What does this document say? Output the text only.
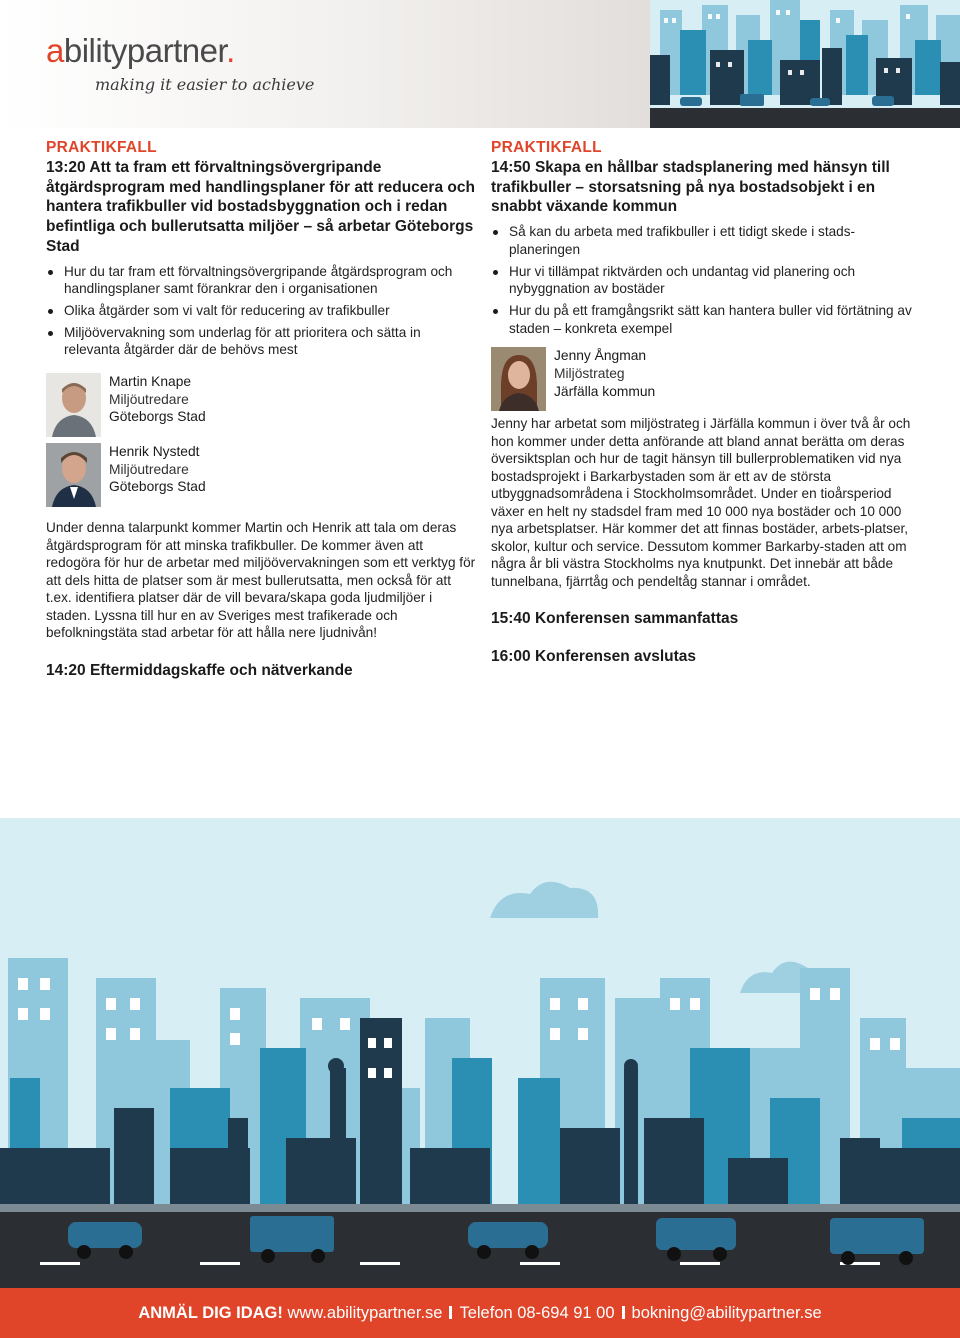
abilitypartner.
making it easier to achieve
PRAKTIKFALL
13:20 Att ta fram ett förvaltningsövergripande åtgärdsprogram med handlingsplaner för att reducera och hantera trafikbuller vid bostadsbyggnation och i redan befintliga och bullerutsatta miljöer – så arbetar Göteborgs Stad
Hur du tar fram ett förvaltningsövergripande åtgärdsprogram och handlingsplaner samt förankrar den i organisationen
Olika åtgärder som vi valt för reducering av trafikbuller
Miljöövervakning som underlag för att prioritera och sätta in relevanta åtgärder där de behövs mest
Martin Knape
Miljöutredare
Göteborgs Stad
Henrik Nystedt
Miljöutredare
Göteborgs Stad
Under denna talarpunkt kommer Martin och Henrik att tala om deras åtgärdsprogram för att minska trafikbuller. De kommer även att redogöra för hur de arbetar med miljöövervakningen som ett verktyg för att dels hitta de platser som är mest bullerutsatta, men också för att t.ex. identifiera platser där de vill bevara/skapa goda ljudmiljöer i staden. Lyssna till hur en av Sveriges mest trafikerade och befolkningstäta stad arbetar för att hålla nere ljudnivån!
14:20 Eftermiddagskaffe och nätverkande
PRAKTIKFALL
14:50 Skapa en hållbar stadsplanering med hänsyn till trafikbuller – storsatsning på nya bostadsobjekt i en snabbt växande kommun
Så kan du arbeta med trafikbuller i ett tidigt skede i stads-planeringen
Hur vi tillämpat riktvärden och undantag vid planering och nybyggnation av bostäder
Hur du på ett framgångsrikt sätt kan hantera buller vid förtätning av staden – konkreta exempel
Jenny Ångman
Miljöstrateg
Järfälla kommun
Jenny har arbetat som miljöstrateg i Järfälla kommun i över två år och hon kommer under detta anförande att bland annat berätta om deras översiktsplan och hur de tagit hänsyn till bullerproblematiken vid nya bostadsprojekt i Barkarbystaden som är ett av de största utbyggnadsområdena i Stockholmsområdet. Under en tioårsperiod växer en helt ny stadsdel fram med 10 000 nya bostäder och 10 000 nya arbetsplatser. Här kommer det att finnas bostäder, arbets-platser, skolor, kultur och service. Dessutom kommer Barkarby-staden att om några år bli västra Stockholms nya knutpunkt. Det innebär att både tunnelbana, fjärrtåg och pendeltåg stannar i området.
15:40 Konferensen sammanfattas
16:00 Konferensen avslutas
ANMÄL DIG IDAG! www.abilitypartner.se Telefon 08-694 91 00 bokning@abilitypartner.se
